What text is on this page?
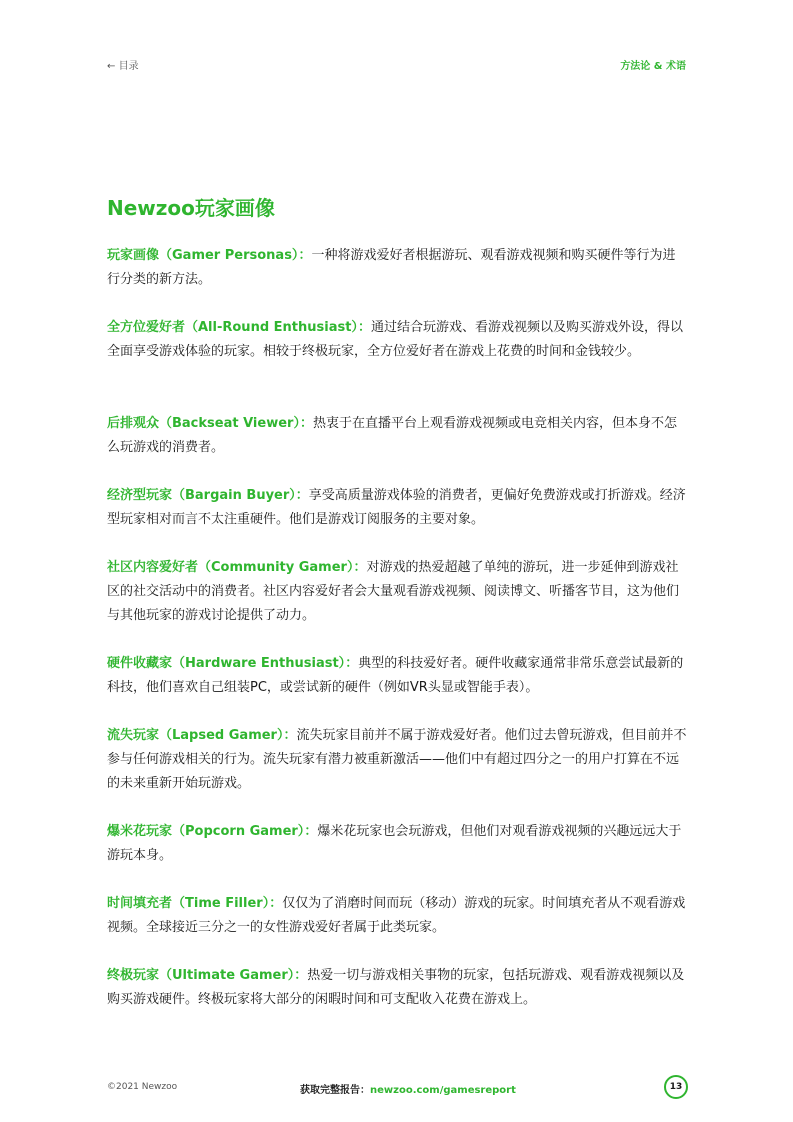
← 目录	方法论 & 术语
Newzoo玩家画像

玩家画像（Gamer Personas）：一种将游戏爱好者根据游玩、观看游戏视频和购买硬件等行为进行分类的新方法。

全方位爱好者（All-Round Enthusiast）：通过结合玩游戏、看游戏视频以及购买游戏外设，得以全面享受游戏体验的玩家。相较于终极玩家，全方位爱好者在游戏上花费的时间和金钱较少。

后排观众（Backseat Viewer）：热衷于在直播平台上观看游戏视频或电竞相关内容，但本身不怎么玩游戏的消费者。

经济型玩家（Bargain Buyer）：享受高质量游戏体验的消费者，更偏好免费游戏或打折游戏。经济型玩家相对而言不太注重硬件。他们是游戏订阅服务的主要对象。

社区内容爱好者（Community Gamer）：对游戏的热爱超越了单纯的游玩，进一步延伸到游戏社区的社交活动中的消费者。社区内容爱好者会大量观看游戏视频、阅读博文、听播客节目，这为他们与其他玩家的游戏讨论提供了动力。

硬件收藏家（Hardware Enthusiast）：典型的科技爱好者。硬件收藏家通常非常乐意尝试最新的科技，他们喜欢自己组装PC，或尝试新的硬件（例如VR头显或智能手表）。

流失玩家（Lapsed Gamer）：流失玩家目前并不属于游戏爱好者。他们过去曾玩游戏，但目前并不参与任何游戏相关的行为。流失玩家有潜力被重新激活——他们中有超过四分之一的用户打算在不远的未来重新开始玩游戏。

爆米花玩家（Popcorn Gamer）：爆米花玩家也会玩游戏，但他们对观看游戏视频的兴趣远远大于游玩本身。

时间填充者（Time Filler）：仅仅为了消磨时间而玩（移动）游戏的玩家。时间填充者从不观看游戏视频。全球接近三分之一的女性游戏爱好者属于此类玩家。

终极玩家（Ultimate Gamer）：热爱一切与游戏相关事物的玩家，包括玩游戏、观看游戏视频以及购买游戏硬件。终极玩家将大部分的闲暇时间和可支配收入花费在游戏上。

©2021 Newzoo	获取完整报告：newzoo.com/gamesreport	13
